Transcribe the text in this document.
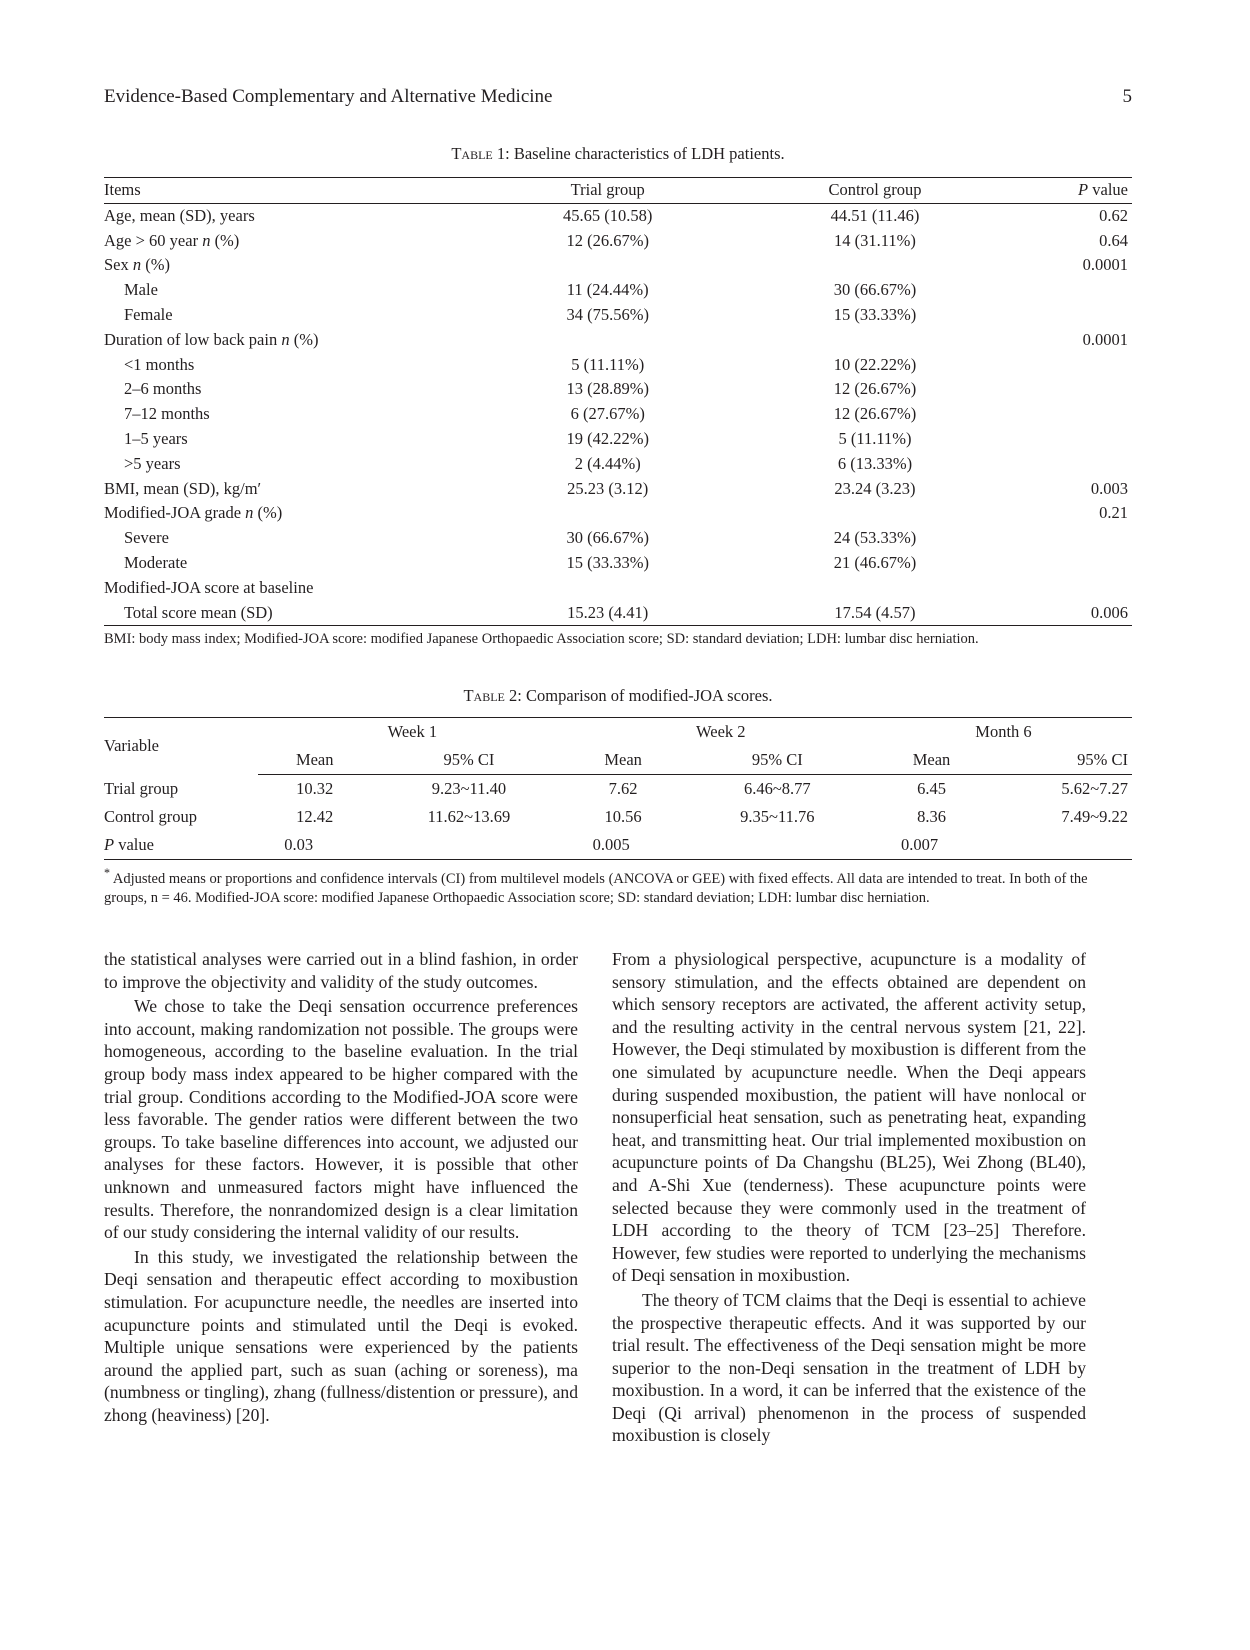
Evidence-Based Complementary and Alternative Medicine	5
Table 1: Baseline characteristics of LDH patients.
Items	Trial group	Control group	P value
Age, mean (SD), years	45.65 (10.58)	44.51 (11.46)	0.62
Age > 60 year n (%)	12 (26.67%)	14 (31.11%)	0.64
Sex n (%)			0.0001
Male	11 (24.44%)	30 (66.67%)	
Female	34 (75.56%)	15 (33.33%)	
Duration of low back pain n (%)			0.0001
<1 months	5 (11.11%)	10 (22.22%)	
2–6 months	13 (28.89%)	12 (26.67%)	
7–12 months	6 (27.67%)	12 (26.67%)	
1–5 years	19 (42.22%)	5 (11.11%)	
>5 years	2 (4.44%)	6 (13.33%)	
BMI, mean (SD), kg/m′	25.23 (3.12)	23.24 (3.23)	0.003
Modified-JOA grade n (%)			0.21
Severe	30 (66.67%)	24 (53.33%)	
Moderate	15 (33.33%)	21 (46.67%)	
Modified-JOA score at baseline			
Total score mean (SD)	15.23 (4.41)	17.54 (4.57)	0.006
BMI: body mass index; Modified-JOA score: modified Japanese Orthopaedic Association score; SD: standard deviation; LDH: lumbar disc herniation.
Table 2: Comparison of modified-JOA scores.
Variable	Week 1		Week 2		Month 6	
	Mean	95% CI	Mean	95% CI	Mean	95% CI
Trial group	10.32	9.23~11.40	7.62	6.46~8.77	6.45	5.62~7.27
Control group	12.42	11.62~13.69	10.56	9.35~11.76	8.36	7.49~9.22
P value	0.03		0.005		0.007	
* Adjusted means or proportions and confidence intervals (CI) from multilevel models (ANCOVA or GEE) with fixed effects. All data are intended to treat. In both of the groups, n = 46. Modified-JOA score: modified Japanese Orthopaedic Association score; SD: standard deviation; LDH: lumbar disc herniation.

the statistical analyses were carried out in a blind fashion, in order to improve the objectivity and validity of the study outcomes.

We chose to take the Deqi sensation occurrence preferences into account, making randomization not possible. The groups were homogeneous, according to the baseline evaluation. In the trial group body mass index appeared to be higher compared with the trial group. Conditions according to the Modified-JOA score were less favorable. The gender ratios were different between the two groups. To take baseline differences into account, we adjusted our analyses for these factors. However, it is possible that other unknown and unmeasured factors might have influenced the results. Therefore, the nonrandomized design is a clear limitation of our study considering the internal validity of our results.

In this study, we investigated the relationship between the Deqi sensation and therapeutic effect according to moxibustion stimulation. For acupuncture needle, the needles are inserted into acupuncture points and stimulated until the Deqi is evoked. Multiple unique sensations were experienced by the patients around the applied part, such as suan (aching or soreness), ma (numbness or tingling), zhang (fullness/distention or pressure), and zhong (heaviness) [20].

From a physiological perspective, acupuncture is a modality of sensory stimulation, and the effects obtained are dependent on which sensory receptors are activated, the afferent activity setup, and the resulting activity in the central nervous system [21, 22]. However, the Deqi stimulated by moxibustion is different from the one simulated by acupuncture needle. When the Deqi appears during suspended moxibustion, the patient will have nonlocal or nonsuperficial heat sensation, such as penetrating heat, expanding heat, and transmitting heat. Our trial implemented moxibustion on acupuncture points of Da Changshu (BL25), Wei Zhong (BL40), and A-Shi Xue (tenderness). These acupuncture points were selected because they were commonly used in the treatment of LDH according to the theory of TCM [23–25] Therefore. However, few studies were reported to underlying the mechanisms of Deqi sensation in moxibustion.

The theory of TCM claims that the Deqi is essential to achieve the prospective therapeutic effects. And it was supported by our trial result. The effectiveness of the Deqi sensation might be more superior to the non-Deqi sensation in the treatment of LDH by moxibustion. In a word, it can be inferred that the existence of the Deqi (Qi arrival) phenomenon in the process of suspended moxibustion is closely
